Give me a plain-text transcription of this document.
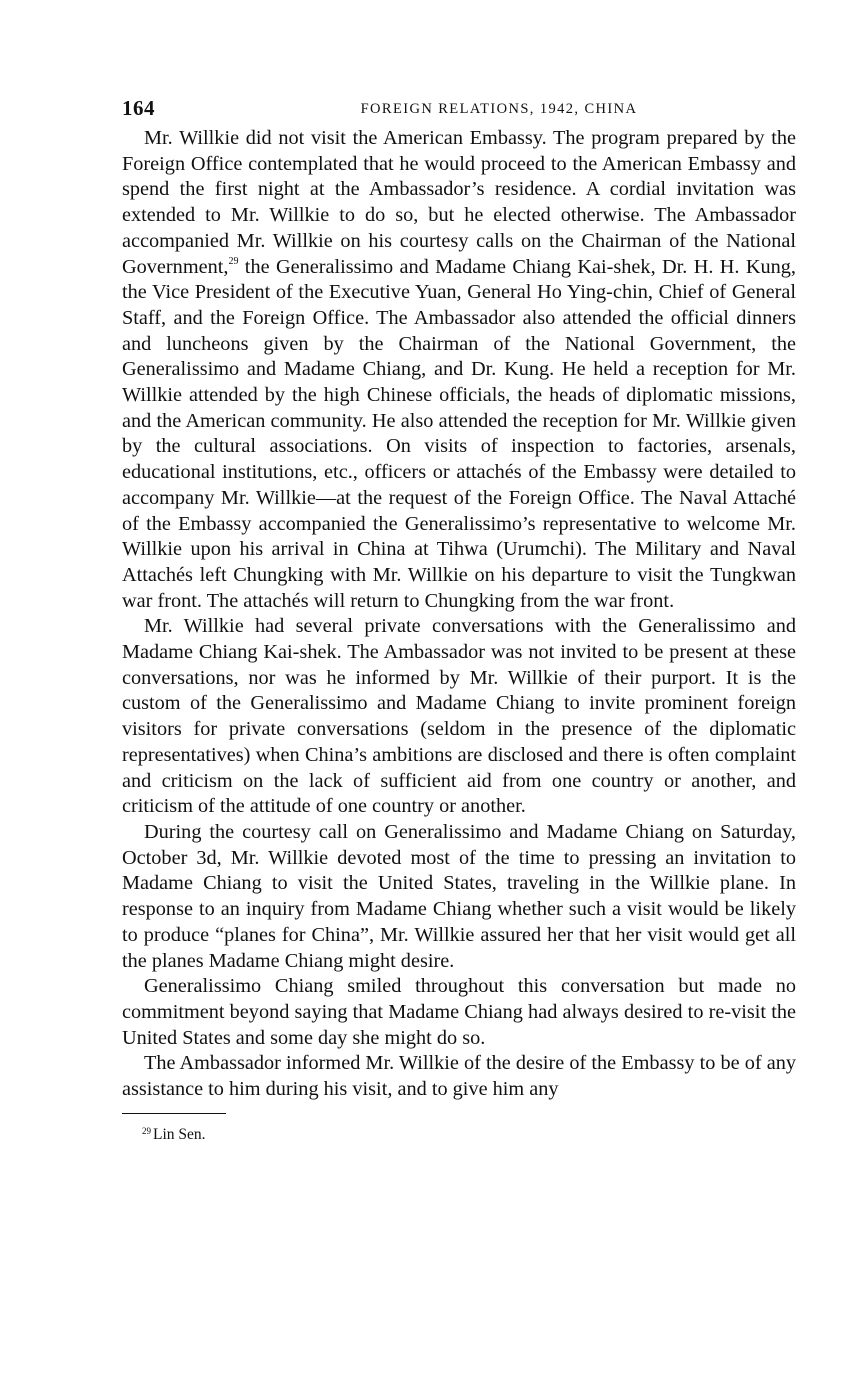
164	FOREIGN RELATIONS, 1942, CHINA

Mr. Willkie did not visit the American Embassy. The program prepared by the Foreign Office contemplated that he would proceed to the American Embassy and spend the first night at the Ambassador’s residence. A cordial invitation was extended to Mr. Willkie to do so, but he elected otherwise. The Ambassador accompanied Mr. Willkie on his courtesy calls on the Chairman of the National Government,$^{29}$ the Generalissimo and Madame Chiang Kai-shek, Dr. H. H. Kung, the Vice President of the Executive Yuan, General Ho Ying-chin, Chief of General Staff, and the Foreign Office. The Ambassador also attended the official dinners and luncheons given by the Chairman of the National Government, the Generalissimo and Madame Chiang, and Dr. Kung. He held a reception for Mr. Willkie attended by the high Chinese officials, the heads of diplomatic missions, and the American community. He also attended the reception for Mr. Willkie given by the cultural associations. On visits of inspection to factories, arsenals, educational institutions, etc., officers or attachés of the Embassy were detailed to accompany Mr. Willkie—at the request of the Foreign Office. The Naval Attaché of the Embassy accompanied the Generalissimo’s representative to welcome Mr. Willkie upon his arrival in China at Tihwa (Urumchi). The Military and Naval Attachés left Chungking with Mr. Willkie on his departure to visit the Tungkwan war front. The attachés will return to Chungking from the war front.

Mr. Willkie had several private conversations with the Generalissimo and Madame Chiang Kai-shek. The Ambassador was not invited to be present at these conversations, nor was he informed by Mr. Willkie of their purport. It is the custom of the Generalissimo and Madame Chiang to invite prominent foreign visitors for private conversations (seldom in the presence of the diplomatic representatives) when China’s ambitions are disclosed and there is often complaint and criticism on the lack of sufficient aid from one country or another, and criticism of the attitude of one country or another.

During the courtesy call on Generalissimo and Madame Chiang on Saturday, October 3d, Mr. Willkie devoted most of the time to pressing an invitation to Madame Chiang to visit the United States, traveling in the Willkie plane. In response to an inquiry from Madame Chiang whether such a visit would be likely to produce “planes for China”, Mr. Willkie assured her that her visit would get all the planes Madame Chiang might desire.

Generalissimo Chiang smiled throughout this conversation but made no commitment beyond saying that Madame Chiang had always desired to re-visit the United States and some day she might do so.

The Ambassador informed Mr. Willkie of the desire of the Embassy to be of any assistance to him during his visit, and to give him any

$^{29}$ Lin Sen.
